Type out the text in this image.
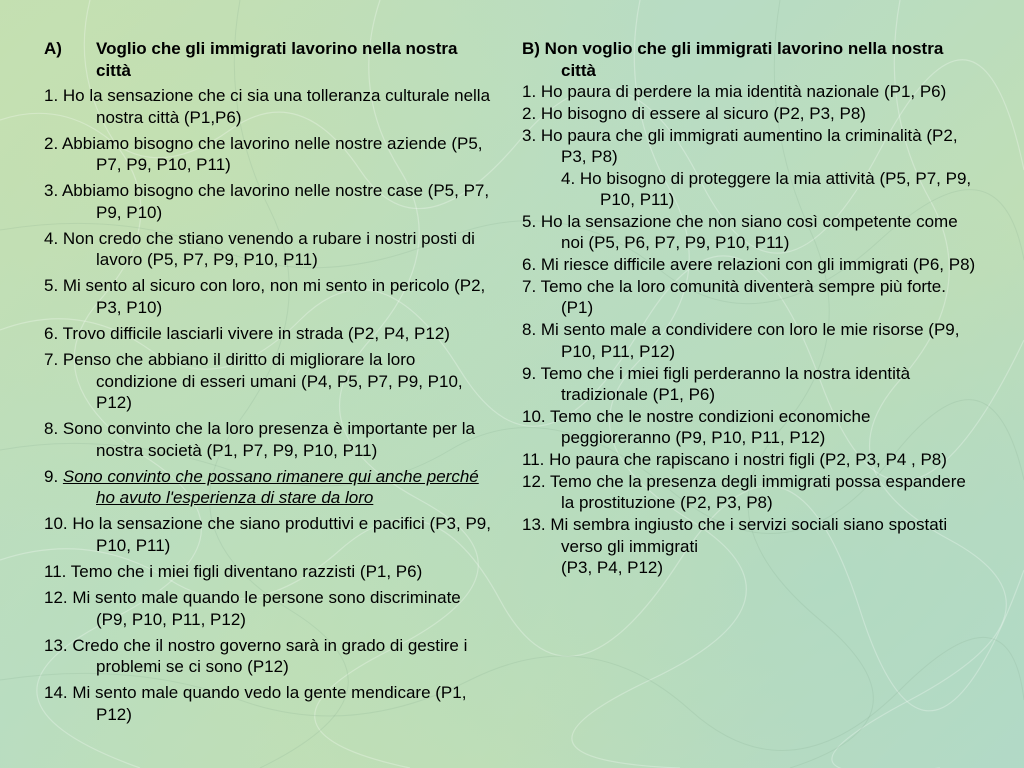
A) Voglio che gli immigrati lavorino nella nostra città
1. Ho la sensazione che ci sia una tolleranza culturale nella nostra città (P1,P6)
2. Abbiamo bisogno che lavorino nelle nostre aziende (P5, P7, P9, P10, P11)
3. Abbiamo bisogno che lavorino nelle nostre case (P5, P7, P9, P10)
4. Non credo che stiano venendo a rubare i nostri posti di lavoro (P5, P7, P9, P10, P11)
5. Mi sento al sicuro con loro, non mi sento in pericolo (P2, P3, P10)
6. Trovo difficile lasciarli vivere in strada (P2, P4, P12)
7. Penso che abbiano il diritto di migliorare la loro condizione di esseri umani (P4, P5, P7, P9, P10, P12)
8. Sono convinto che la loro presenza è importante per la nostra società (P1, P7, P9, P10, P11)
9. Sono convinto che possano rimanere qui anche perché ho avuto l'esperienza di stare da loro
10. Ho la sensazione che siano produttivi e pacifici (P3, P9, P10, P11)
11. Temo che i miei figli diventano razzisti (P1, P6)
12. Mi sento male quando le persone sono discriminate (P9, P10, P11, P12)
13. Credo che il nostro governo sarà in grado di gestire i problemi se ci sono (P12)
14. Mi sento male quando vedo la gente mendicare (P1, P12)
B) Non voglio che gli immigrati lavorino nella nostra città
1. Ho paura di perdere la mia identità nazionale (P1, P6)
2. Ho bisogno di essere al sicuro (P2, P3, P8)
3. Ho paura che gli immigrati aumentino la criminalità (P2, P3, P8)
4. Ho bisogno di proteggere la mia attività (P5, P7, P9, P10, P11)
5. Ho la sensazione che non siano così competente come noi (P5, P6, P7, P9, P10, P11)
6. Mi riesce difficile avere relazioni con gli immigrati (P6, P8)
7. Temo che la loro comunità diventerà sempre più forte. (P1)
8. Mi sento male a condividere con loro le mie risorse (P9, P10, P11, P12)
9. Temo che i miei figli perderanno la nostra identità tradizionale (P1, P6)
10. Temo che le nostre condizioni economiche peggioreranno (P9, P10, P11, P12)
11. Ho paura che rapiscano i nostri figli (P2, P3, P4 , P8)
12. Temo che la presenza degli immigrati possa espandere la prostituzione (P2, P3, P8)
13. Mi sembra ingiusto che i servizi sociali siano spostati verso gli immigrati
(P3, P4, P12)
